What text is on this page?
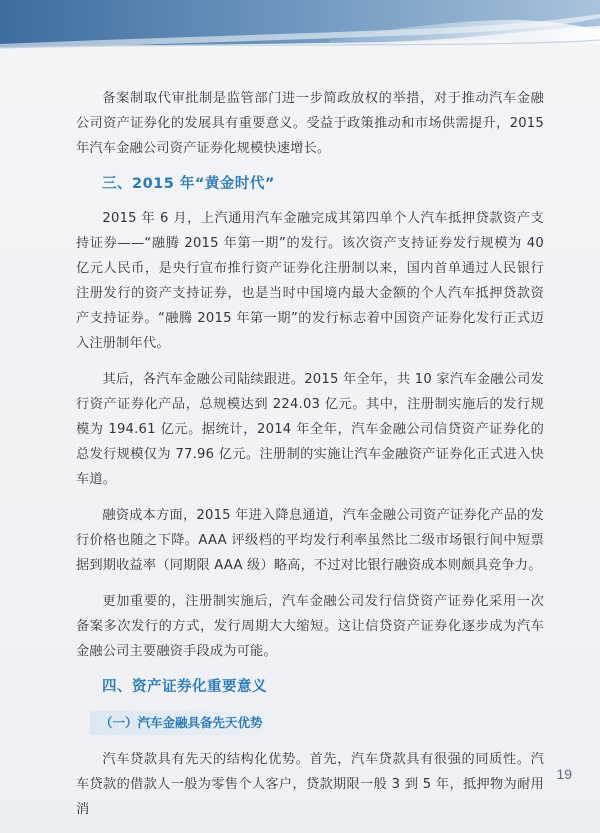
备案制取代审批制是监管部门进一步简政放权的举措，对于推动汽车金融公司资产证券化的发展具有重要意义。受益于政策推动和市场供需提升，2015 年汽车金融公司资产证券化规模快速增长。

三、2015 年“黄金时代”

2015 年 6 月，上汽通用汽车金融完成其第四单个人汽车抵押贷款资产支持证券——“融腾 2015 年第一期”的发行。该次资产支持证券发行规模为 40 亿元人民币，是央行宣布推行资产证券化注册制以来，国内首单通过人民银行注册发行的资产支持证券，也是当时中国境内最大金额的个人汽车抵押贷款资产支持证券。“融腾 2015 年第一期”的发行标志着中国资产证券化发行正式迈入注册制年代。

其后，各汽车金融公司陆续跟进。2015 年全年，共 10 家汽车金融公司发行资产证券化产品，总规模达到 224.03 亿元。其中，注册制实施后的发行规模为 194.61 亿元。据统计，2014 年全年，汽车金融公司信贷资产证券化的总发行规模仅为 77.96 亿元。注册制的实施让汽车金融资产证券化正式进入快车道。

融资成本方面，2015 年进入降息通道，汽车金融公司资产证券化产品的发行价格也随之下降。AAA 评级档的平均发行利率虽然比二级市场银行间中短票据到期收益率（同期限 AAA 级）略高，不过对比银行融资成本则颇具竞争力。

更加重要的，注册制实施后，汽车金融公司发行信贷资产证券化采用一次备案多次发行的方式，发行周期大大缩短。这让信贷资产证券化逐步成为汽车金融公司主要融资手段成为可能。

四、资产证券化重要意义
（一）汽车金融具备先天优势

汽车贷款具有先天的结构化优势。首先，汽车贷款具有很强的同质性。汽车贷款的借款人一般为零售个人客户，贷款期限一般 3 到 5 年，抵押物为耐用消

19
